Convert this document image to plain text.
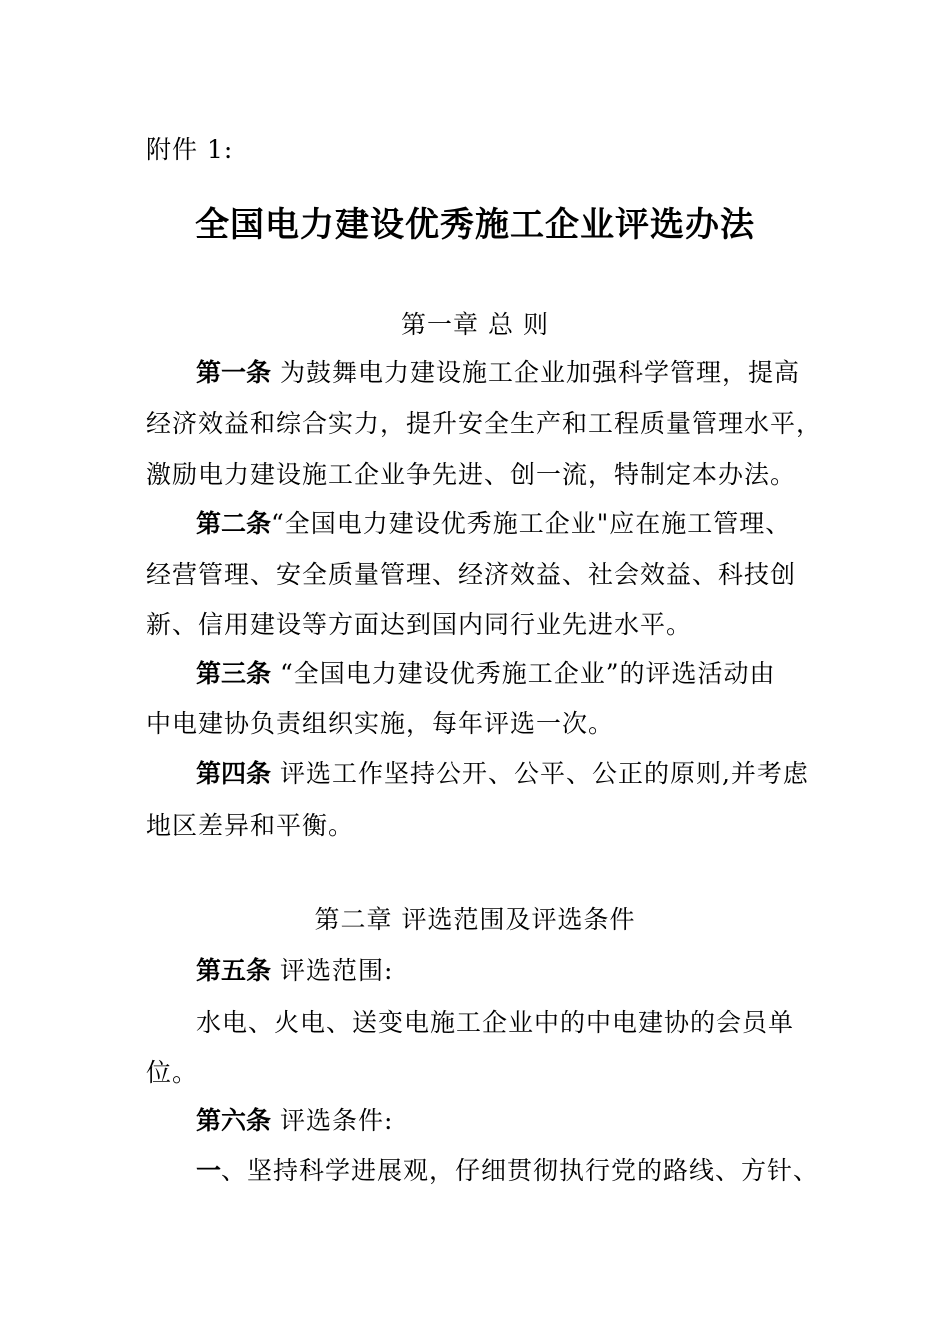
附件 1:
全国电力建设优秀施工企业评选办法
第一章 总 则
第一条 为鼓舞电力建设施工企业加强科学管理，提高
经济效益和综合实力，提升安全生产和工程质量管理水平，
激励电力建设施工企业争先进、创一流，特制定本办法。
第二条“全国电力建设优秀施工企业"应在施工管理、
经营管理、安全质量管理、经济效益、社会效益、科技创
新、信用建设等方面达到国内同行业先进水平。
第三条 “全国电力建设优秀施工企业”的评选活动由
中电建协负责组织实施，每年评选一次。
第四条 评选工作坚持公开、公平、公正的原则,并考虑
地区差异和平衡。
第二章 评选范围及评选条件
第五条 评选范围:
水电、火电、送变电施工企业中的中电建协的会员单
位。
第六条 评选条件:
一、坚持科学进展观，仔细贯彻执行党的路线、方针、
